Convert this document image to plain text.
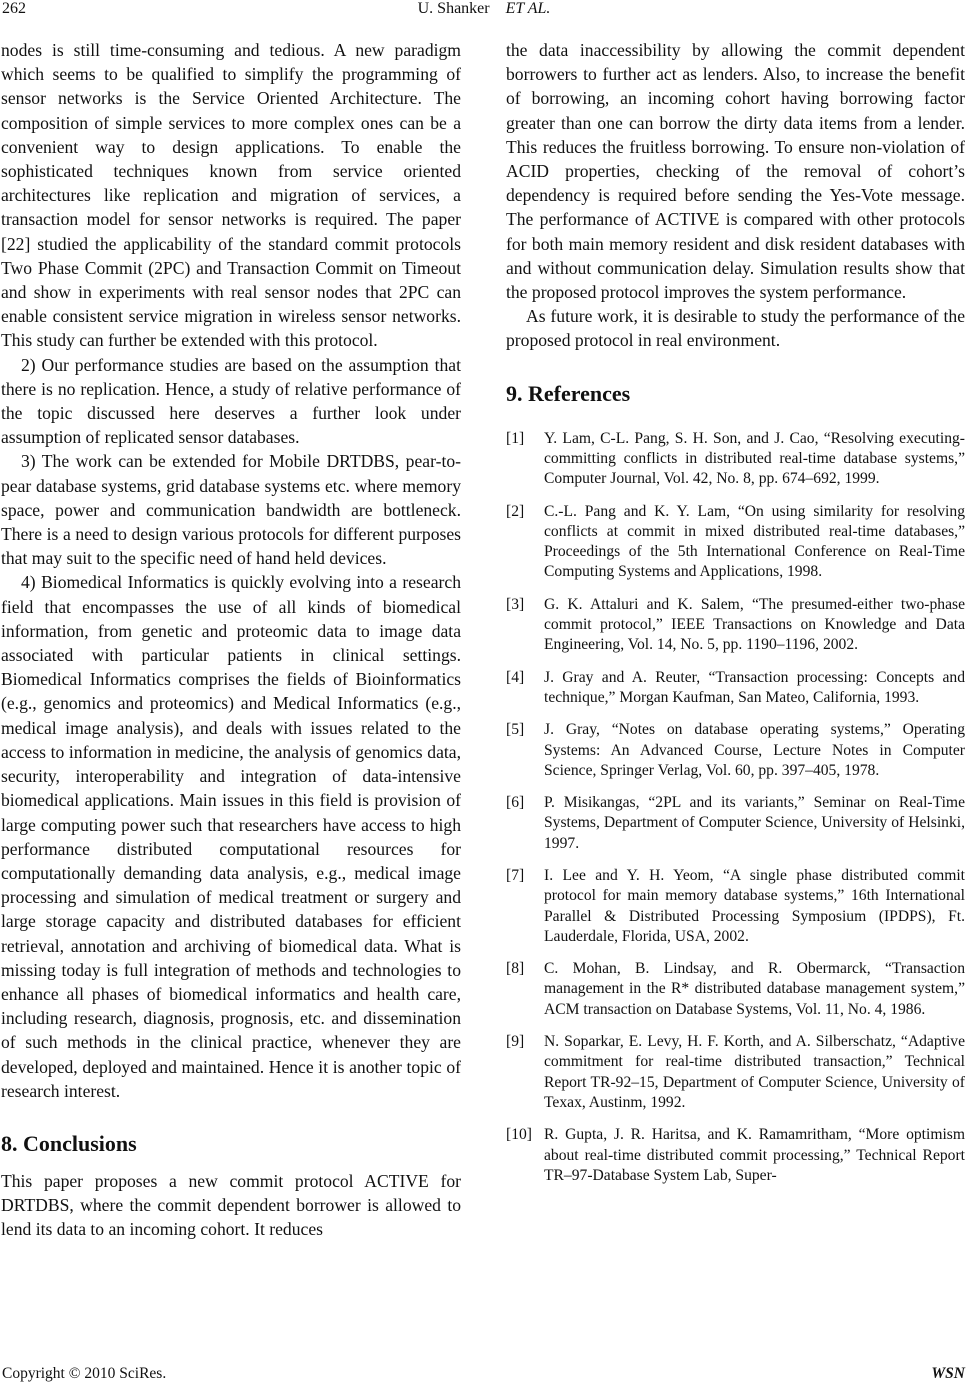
262	U. Shanker ET AL.

nodes is still time-consuming and tedious. A new paradigm which seems to be qualified to simplify the programming of sensor networks is the Service Oriented Architecture. The composition of simple services to more complex ones can be a convenient way to design applications. To enable the sophisticated techniques known from service oriented architectures like replication and migration of services, a transaction model for sensor networks is required. The paper [22] studied the applicability of the standard commit protocols Two Phase Commit (2PC) and Transaction Commit on Timeout and show in experiments with real sensor nodes that 2PC can enable consistent service migration in wireless sensor networks. This study can further be extended with this protocol.

2) Our performance studies are based on the assumption that there is no replication. Hence, a study of relative performance of the topic discussed here deserves a further look under assumption of replicated sensor databases.

3) The work can be extended for Mobile DRTDBS, pear-to-pear database systems, grid database systems etc. where memory space, power and communication bandwidth are bottleneck. There is a need to design various protocols for different purposes that may suit to the specific need of hand held devices.

4) Biomedical Informatics is quickly evolving into a research field that encompasses the use of all kinds of biomedical information, from genetic and proteomic data to image data associated with particular patients in clinical settings. Biomedical Informatics comprises the fields of Bioinformatics (e.g., genomics and proteomics) and Medical Informatics (e.g., medical image analysis), and deals with issues related to the access to information in medicine, the analysis of genomics data, security, interoperability and integration of data-intensive biomedical applications. Main issues in this field is provision of large computing power such that researchers have access to high performance distributed computational resources for computationally demanding data analysis, e.g., medical image processing and simulation of medical treatment or surgery and large storage capacity and distributed databases for efficient retrieval, annotation and archiving of biomedical data. What is missing today is full integration of methods and technologies to enhance all phases of biomedical informatics and health care, including research, diagnosis, prognosis, etc. and dissemination of such methods in the clinical practice, whenever they are developed, deployed and maintained. Hence it is another topic of research interest.

8. Conclusions

This paper proposes a new commit protocol ACTIVE for DRTDBS, where the commit dependent borrower is allowed to lend its data to an incoming cohort. It reduces

the data inaccessibility by allowing the commit dependent borrowers to further act as lenders. Also, to increase the benefit of borrowing, an incoming cohort having borrowing factor greater than one can borrow the dirty data items from a lender. This reduces the fruitless borrowing. To ensure non-violation of ACID properties, checking of the removal of cohort’s dependency is required before sending the Yes-Vote message. The performance of ACTIVE is compared with other protocols for both main memory resident and disk resident databases with and without communication delay. Simulation results show that the proposed protocol improves the system performance.

As future work, it is desirable to study the performance of the proposed protocol in real environment.

9. References
[1]	Y. Lam, C-L. Pang, S. H. Son, and J. Cao, “Resolving executing-committing conflicts in distributed real-time database systems,” Computer Journal, Vol. 42, No. 8, pp. 674–692, 1999.
[2]	C.-L. Pang and K. Y. Lam, “On using similarity for resolving conflicts at commit in mixed distributed real-time databases,” Proceedings of the 5th International Conference on Real-Time Computing Systems and Applications, 1998.
[3]	G. K. Attaluri and K. Salem, “The presumed-either two-phase commit protocol,” IEEE Transactions on Knowledge and Data Engineering, Vol. 14, No. 5, pp. 1190–1196, 2002.
[4]	J. Gray and A. Reuter, “Transaction processing: Concepts and technique,” Morgan Kaufman, San Mateo, California, 1993.
[5]	J. Gray, “Notes on database operating systems,” Operating Systems: An Advanced Course, Lecture Notes in Computer Science, Springer Verlag, Vol. 60, pp. 397–405, 1978.
[6]	P. Misikangas, “2PL and its variants,” Seminar on Real-Time Systems, Department of Computer Science, University of Helsinki, 1997.
[7]	I. Lee and Y. H. Yeom, “A single phase distributed commit protocol for main memory database systems,” 16th International Parallel & Distributed Processing Symposium (IPDPS), Ft. Lauderdale, Florida, USA, 2002.
[8]	C. Mohan, B. Lindsay, and R. Obermarck, “Transaction management in the R* distributed database management system,” ACM transaction on Database Systems, Vol. 11, No. 4, 1986.
[9]	N. Soparkar, E. Levy, H. F. Korth, and A. Silberschatz, “Adaptive commitment for real-time distributed transaction,” Technical Report TR-92–15, Department of Computer Science, University of Texax, Austinm, 1992.
[10] R. Gupta, J. R. Haritsa, and K. Ramamritham, “More optimism about real-time distributed commit processing,” Technical Report TR–97-Database System Lab, Super-
Copyright © 2010 SciRes.	WSN
